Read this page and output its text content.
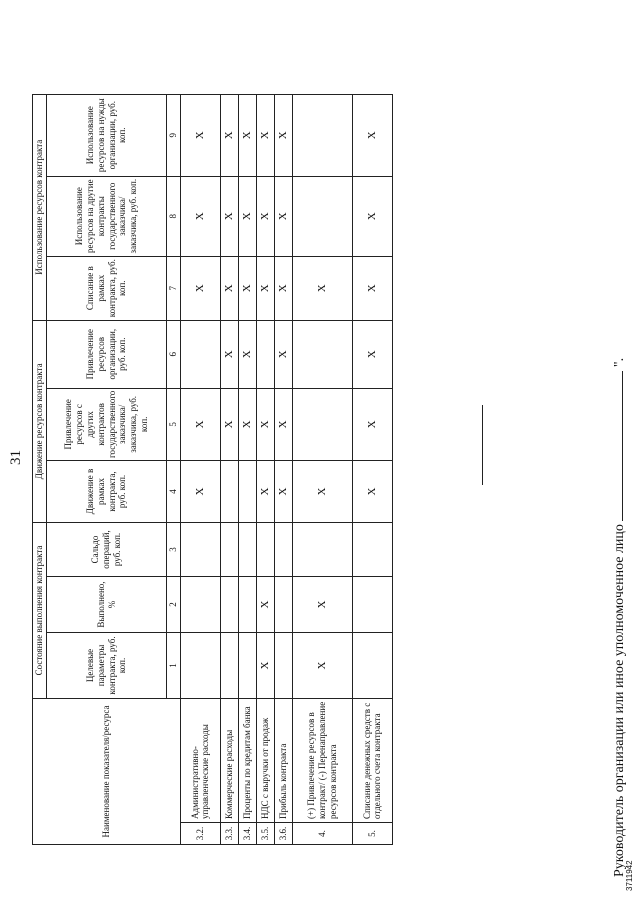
31
Наименование показателя/ресурса		Состояние выполнения контракта			Движение ресурсов контракта			Использование ресурсов контракта		
		Целевые параметры контракта, руб. коп.	Выполнено, %	Сальдо операций, руб. коп.	Движение в рамках контракта, руб. коп.	Привлечение ресурсов с других контрактов государственного заказчика/заказчика, руб. коп.	Привлечение ресурсов организации, руб. коп.	Списание в рамках контракта, руб. коп.	Использование ресурсов на другие контракты государственного заказчика/заказчика, руб. коп.	Использование ресурсов на нужды организации, руб. коп.
		1	2	3	4	5	6	7	8	9
3.2.	Административно-управленческие расходы				X	X		X	X	X
3.3.	Коммерческие расходы					X	X	X	X	X
3.4.	Проценты по кредитам банка					X	X	X	X	X
3.5.	НДС с выручки от продаж	X	X		X	X		X	X	X
3.6.	Прибыль контракта				X	X	X	X	X	X
4.	(+) Привлечение ресурсов в контракт/ (-) Перенаправление ресурсов контракта	X	X		X			X		
5.	Списание денежных средств с отдельного счета контракта				X	X	X	X	X	X
Руководитель организации или иное уполномоченное лицо  ".
3711942
